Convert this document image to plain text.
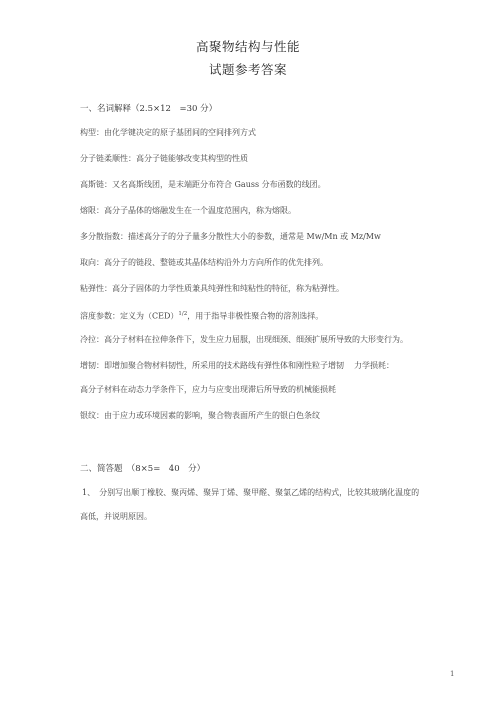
高聚物结构与性能
试题参考答案
一、名词解释（2.5×12　=30 分）
构型：由化学键决定的原子基团间的空间排列方式
分子链柔顺性：高分子链能够改变其构型的性质
高斯链：又名高斯线团，是末端距分布符合 Gauss 分布函数的线团。
熔限：高分子晶体的熔融发生在一个温度范围内，称为熔限。
多分散指数：描述高分子的分子量多分散性大小的参数，通常是 Mw/Mn 或 Mz/Mw
取向：高分子的链段、整链或其晶体结构沿外力方向所作的优先排列。
粘弹性：高分子固体的力学性质兼具纯弹性和纯粘性的特征，称为粘弹性。
溶度参数：定义为（CED）$^{1/2}$，用于指导非极性聚合物的溶剂选择。
冷拉：高分子材料在拉伸条件下，发生应力屈服，出现细颈、细颈扩展所导致的大形变行为。
增韧：即增加聚合物材料韧性，所采用的技术路线有弹性体和刚性粒子增韧 力学损耗：
高分子材料在动态力学条件下，应力与应变出现滞后所导致的机械能损耗
银纹：由于应力或环境因素的影响，聚合物表面所产生的银白色条纹
二、简答题　（8×5=　40　分）
1、　分别写出顺丁橡胶、聚丙烯、聚异丁烯、聚甲醛、聚氯乙烯的结构式，比较其玻璃化温度的
高低，并说明原因。
1
